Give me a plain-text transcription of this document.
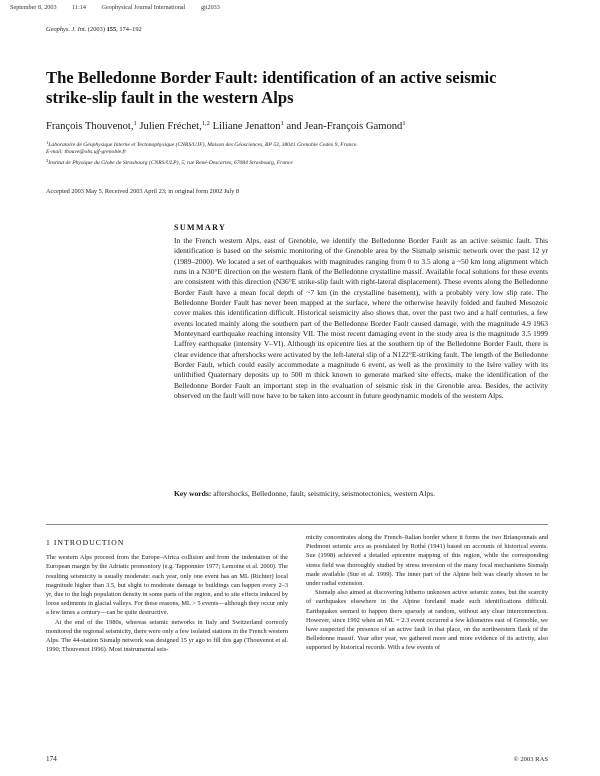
September 8, 2003	11:14	Geophysical Journal International	gji2033
Geophys. J. Int. (2003) 155, 174–192
The Belledonne Border Fault: identification of an active seismic strike-slip fault in the western Alps
François Thouvenot,$^1$ Julien Fréchet,$^{1,2}$ Liliane Jenatton$^1$ and Jean-François Gamond$^1$
$^1$Laboratoire de Géophysique Interne et Tectonophysique (CNRS/UJF), Maison des Géosciences, BP 53, 38041 Grenoble Cedex 9, France.
E-mail: thouve@obs.ujf-grenoble.fr
$^2$Institut de Physique du Globe de Strasbourg (CNRS/ULP), 5, rue René-Descartes, 67084 Strasbourg, France
Accepted 2003 May 5. Received 2003 April 23; in original form 2002 July 8
SUMMARY

In the French western Alps, east of Grenoble, we identify the Belledonne Border Fault as an active seismic fault. This identification is based on the seismic monitoring of the Grenoble area by the Sismalp seismic network over the past 12 yr (1989–2000). We located a set of earthquakes with magnitudes ranging from 0 to 3.5 along a ~50 km long alignment which runs in a N30°E direction on the western flank of the Belledonne crystalline massif. Available focal solutions for these events are consistent with this direction (N36°E strike-slip fault with right-lateral displacement). These events along the Belledonne Border Fault have a mean focal depth of ~7 km (in the crystalline basement), with a probably very low slip rate. The Belledonne Border Fault has never been mapped at the surface, where the otherwise heavily folded and faulted Mesozoic cover makes this identification difficult. Historical seismicity also shows that, over the past two and a half centuries, a few events located mainly along the southern part of the Belledonne Border Fault caused damage, with the magnitude 4.9 1963 Monteynard earthquake reaching intensity VII. The most recent damaging event in the study area is the magnitude 3.5 1999 Laffrey earthquake (intensity V–VI). Although its epicentre lies at the southern tip of the Belledonne Border Fault, there is clear evidence that aftershocks were activated by the left-lateral slip of a N122°E-striking fault. The length of the Belledonne Border Fault, which could easily accommodate a magnitude 6 event, as well as the proximity to the Isère valley with its unlithified Quaternary deposits up to 500 m thick known to generate marked site effects, make the identification of the Belledonne Border Fault an important step in the evaluation of seismic risk in the Grenoble area. Besides, the activity observed on the fault will now have to be taken into account in future geodynamic models of the western Alps.

Key words: aftershocks, Belledonne, fault, seismicity, seismotectonics, western Alps.
1 INTRODUCTION

The western Alps proceed from the Europe–Africa collision and from the indentation of the European margin by the Adriatic promontory (e.g. Tapponnier 1977; Lemoine et al. 2000). The resulting seismicity is usually moderate: each year, only one event has an ML (Richter) local magnitude higher than 3.5, but slight to moderate damage to buildings can happen every 2–3 yr, due to the high population density in some parts of the region, and to site effects induced by loose sediments in glacial valleys. For these reasons, ML > 5 events—although they occur only a few times a century—can be quite destructive.

At the end of the 1980s, whereas seismic networks in Italy and Switzerland correctly monitored the regional seismicity, there were only a few isolated stations in the French western Alps. The 44-station Sismalp network was designed 15 yr ago to fill this gap (Thouvenot et al. 1990; Thouvenot 1996). Most instrumental seis-

micity concentrates along the French–Italian border where it forms the two Briançonnais and Piedmont seismic arcs as postulated by Rothé (1941) based on accounts of historical events. Sue (1998) achieved a detailed epicentre mapping of this region, while the corresponding stress field was thoroughly studied by stress inversion of the many focal mechanisms Sismalp made available (Sue et al. 1999). The inner part of the Alpine belt was clearly shown to be under radial extension.

Sismalp also aimed at discovering hitherto unknown active seismic zones, but the scarcity of earthquakes elsewhere in the Alpine foreland made such identifications difficult. Earthquakes seemed to happen there sparsely at random, without any clear interconnection. However, since 1992 when an ML = 2.3 event occurred a few kilometres east of Grenoble, we have suspected the presence of an active fault in that place, on the northwestern flank of the Belledonne massif. Year after year, we gathered more and more evidence of its activity, also supported by historical records. With a few events of

174	© 2003 RAS
